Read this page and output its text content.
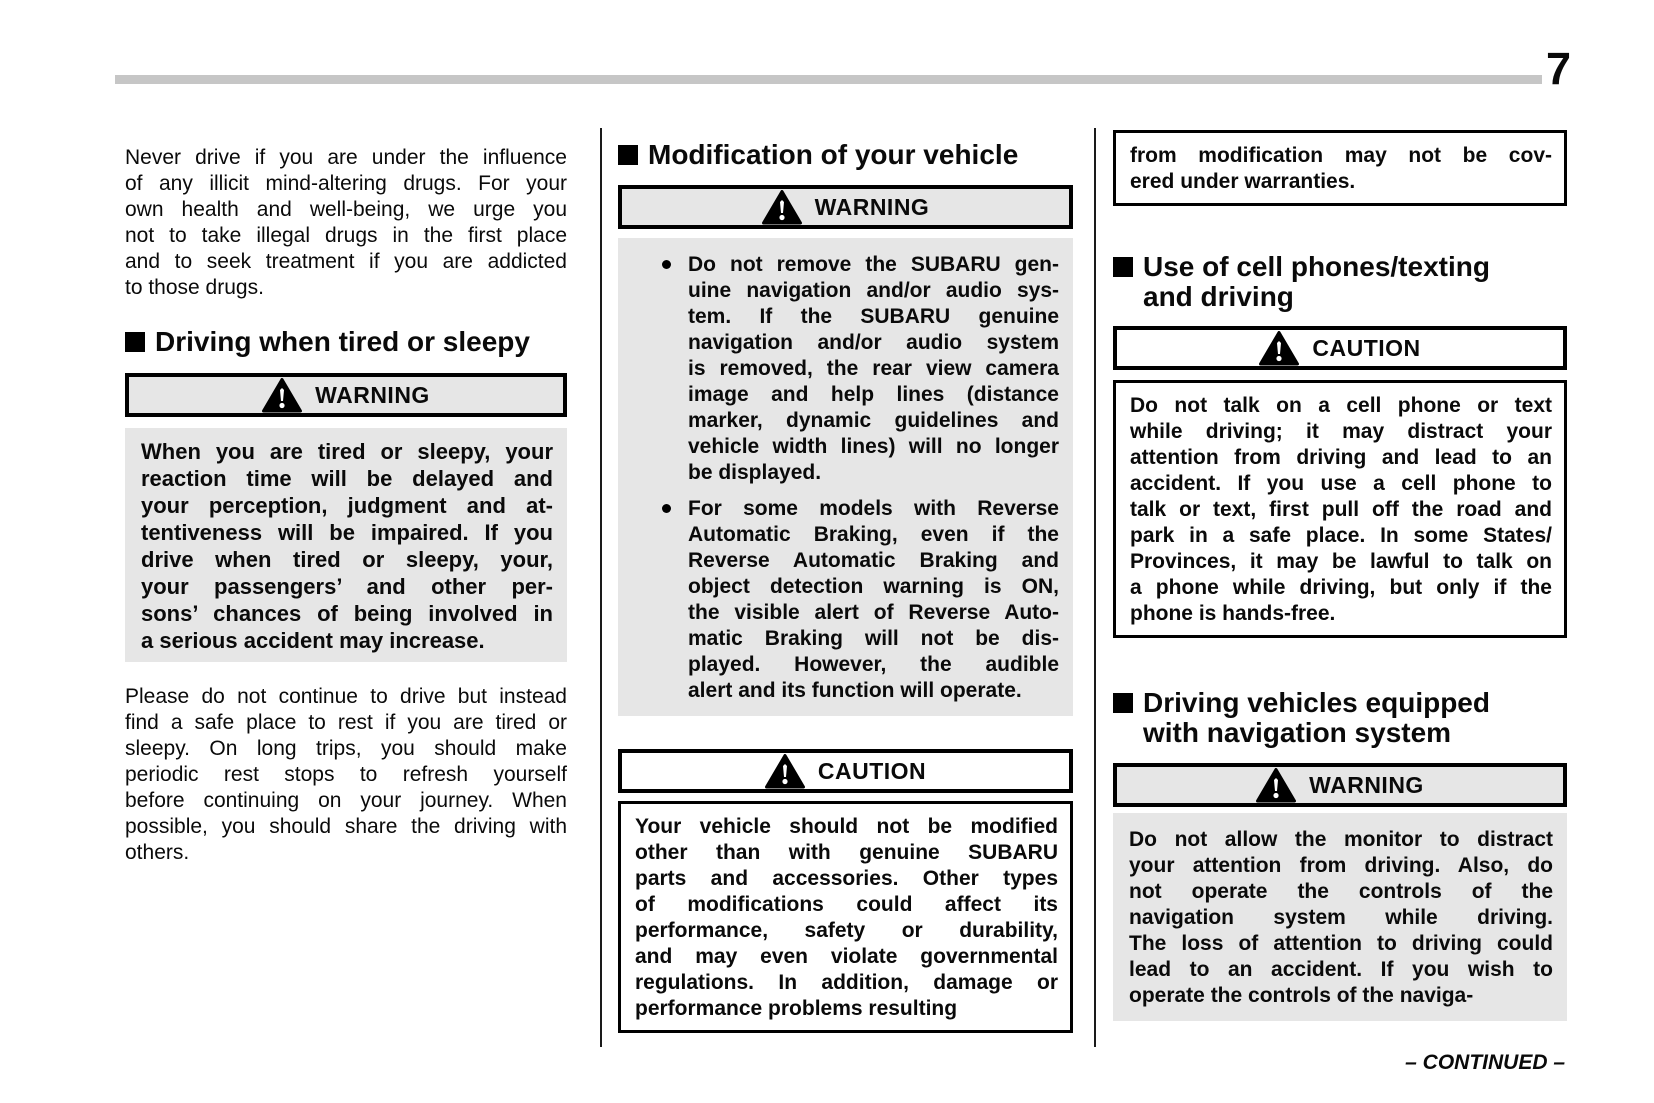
7
Never drive if you are under the influence
of any illicit mind-altering drugs. For your
own health and well-being, we urge you
not to take illegal drugs in the first place
and to seek treatment if you are addicted
to those drugs.
Driving when tired or sleepy
WARNING
When you are tired or sleepy, your
reaction time will be delayed and
your perception, judgment and at-
tentiveness will be impaired. If you
drive when tired or sleepy, your,
your passengers’ and other per-
sons’ chances of being involved in
a serious accident may increase.
Please do not continue to drive but instead
find a safe place to rest if you are tired or
sleepy. On long trips, you should make
periodic rest stops to refresh yourself
before continuing on your journey. When
possible, you should share the driving with
others.
Modification of your vehicle
WARNING
Do not remove the SUBARU gen-
uine navigation and/or audio sys-
tem. If the SUBARU genuine
navigation and/or audio system
is removed, the rear view camera
image and help lines (distance
marker, dynamic guidelines and
vehicle width lines) will no longer
be displayed.
For some models with Reverse
Automatic Braking, even if the
Reverse Automatic Braking and
object detection warning is ON,
the visible alert of Reverse Auto-
matic Braking will not be dis-
played. However, the audible
alert and its function will operate.
CAUTION
Your vehicle should not be modified
other than with genuine SUBARU
parts and accessories. Other types
of modifications could affect its
performance, safety or durability,
and may even violate governmental
regulations. In addition, damage or
performance problems resulting
from modification may not be cov-
ered under warranties.
Use of cell phones/texting
and driving
CAUTION
Do not talk on a cell phone or text
while driving; it may distract your
attention from driving and lead to an
accident. If you use a cell phone to
talk or text, first pull off the road and
park in a safe place. In some States/
Provinces, it may be lawful to talk on
a phone while driving, but only if the
phone is hands-free.
Driving vehicles equipped
with navigation system
WARNING
Do not allow the monitor to distract
your attention from driving. Also, do
not operate the controls of the
navigation system while driving.
The loss of attention to driving could
lead to an accident. If you wish to
operate the controls of the naviga-
– CONTINUED –
